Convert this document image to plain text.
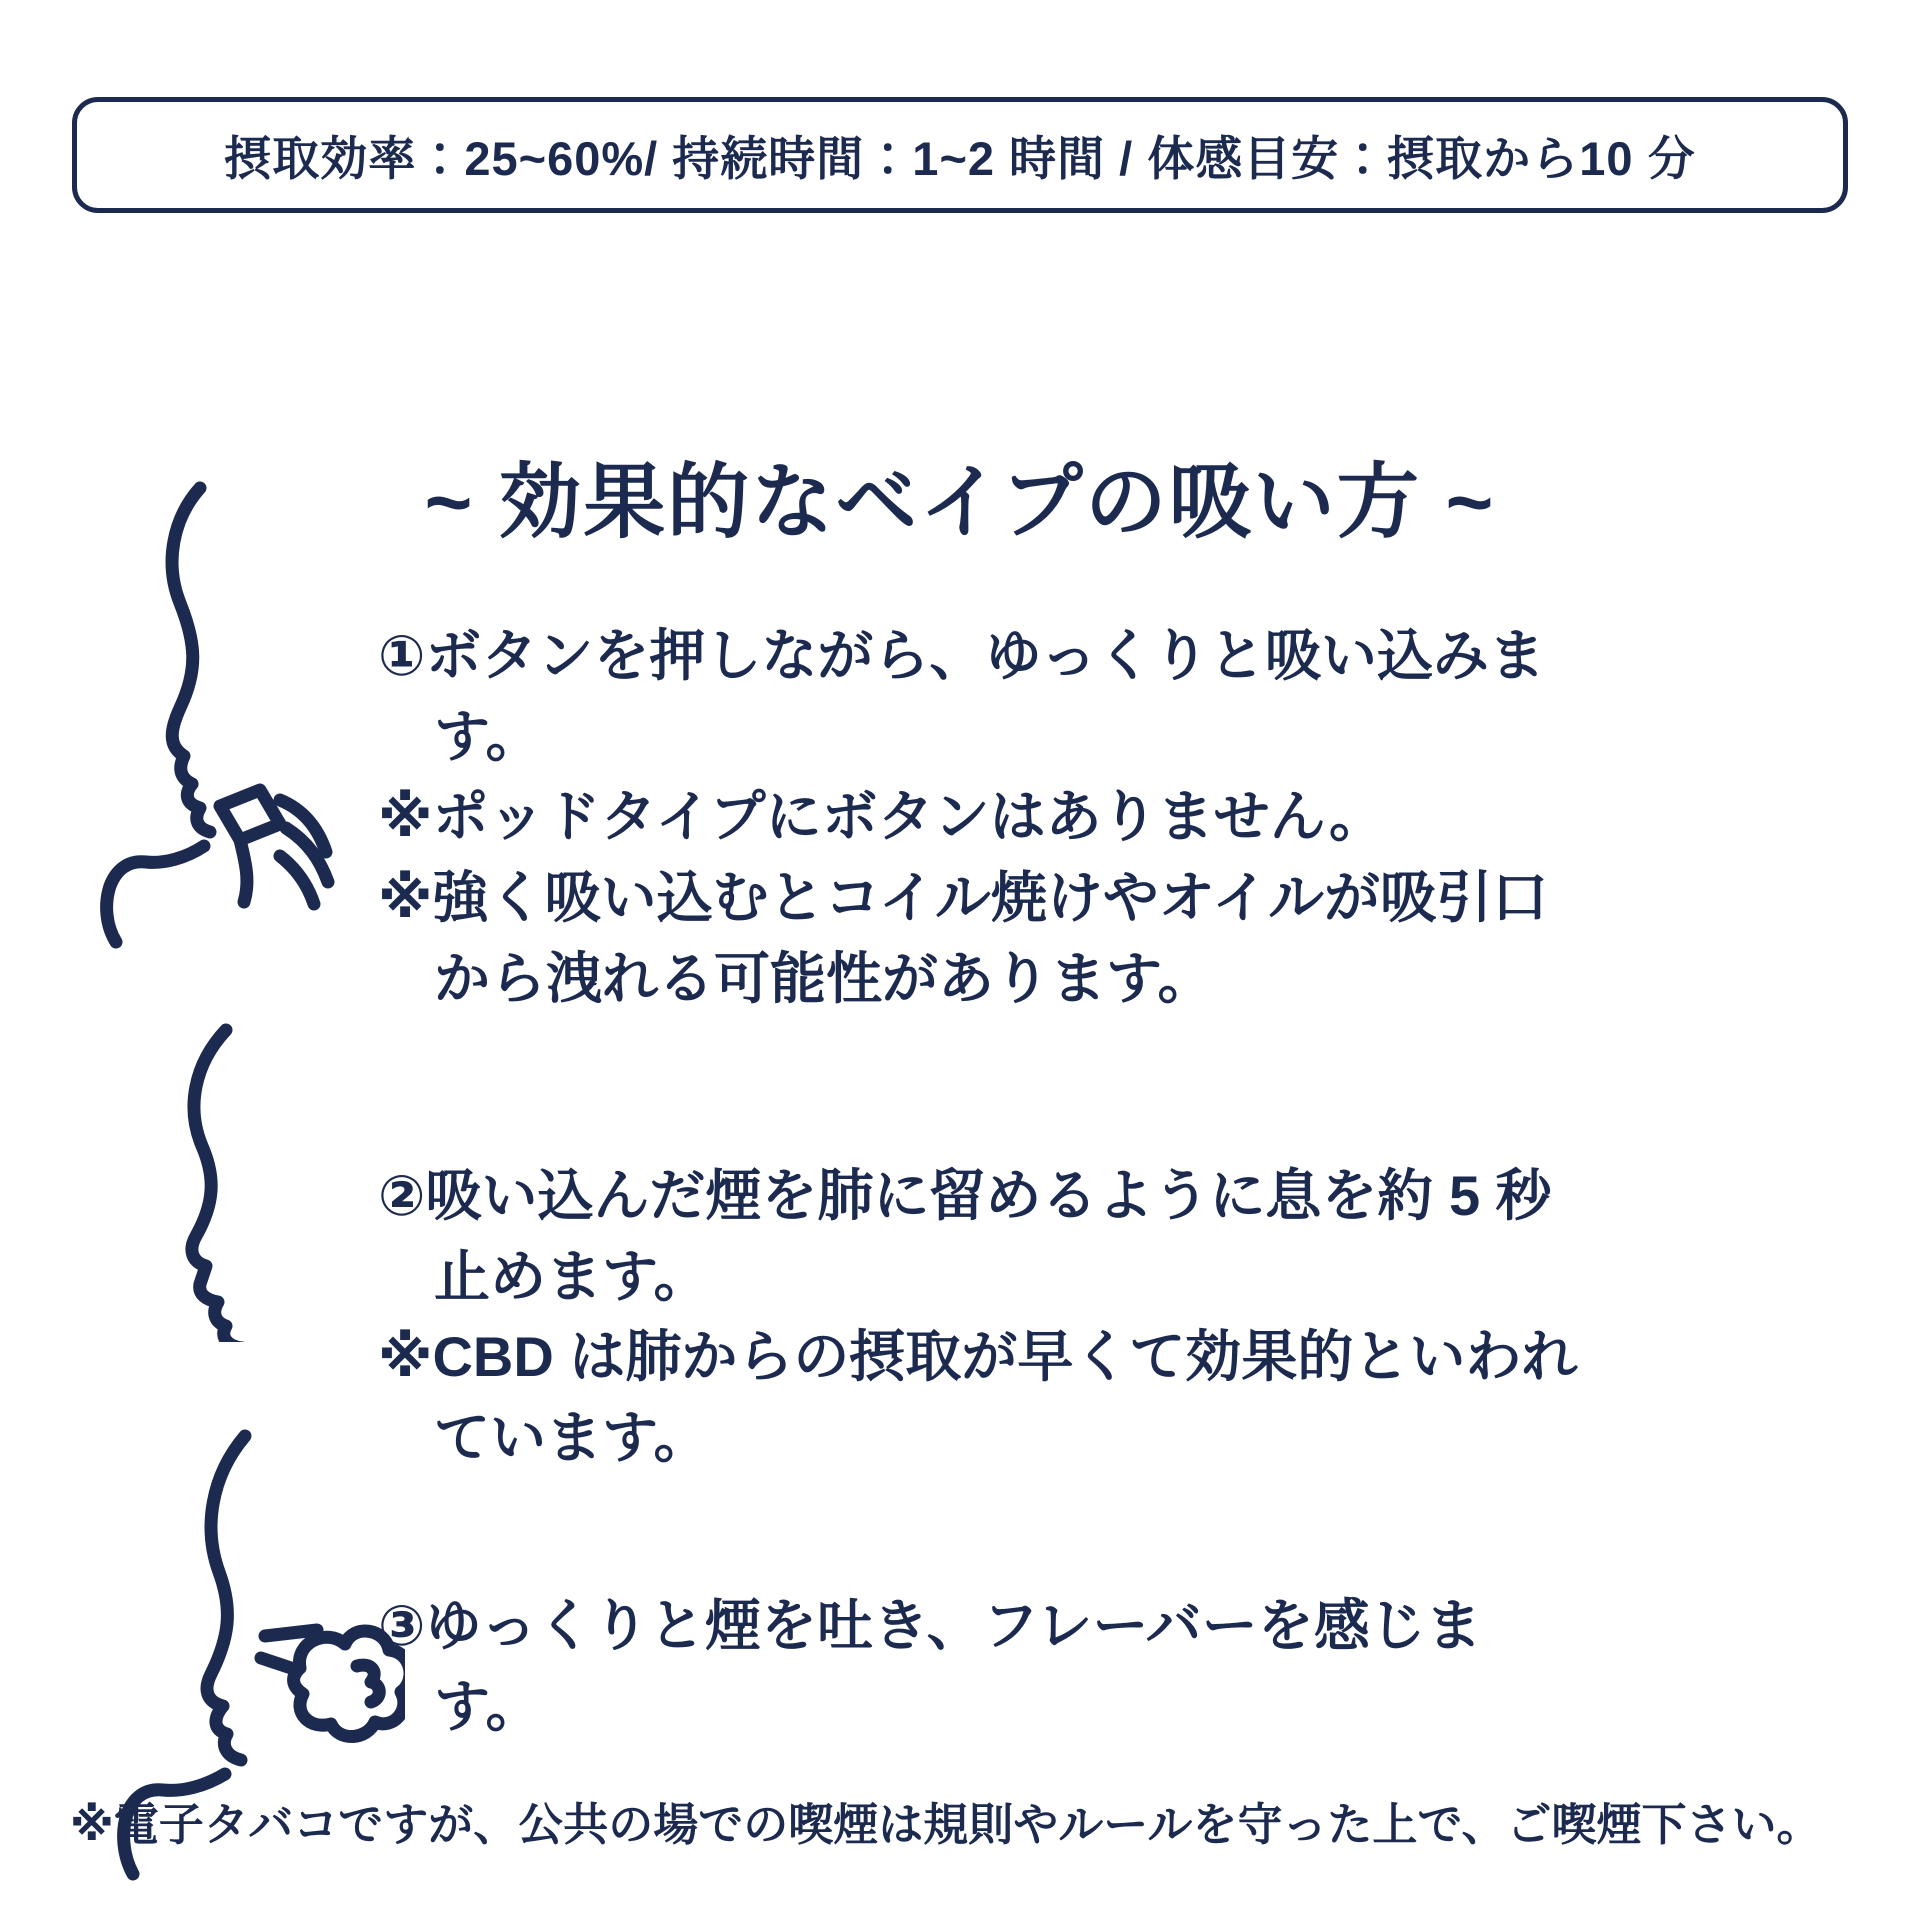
摂取効率：25~60%/ 持続時間：1~2 時間 / 体感目安：摂取から10 分
~ 効果的なベイプの吸い方 ~

①ボタンを押しながら、ゆっくりと吸い込みます。

※ポッドタイプにボタンはありません。

※強く吸い込むとコイル焼けやオイルが吸引口から洩れる可能性があります。

②吸い込んだ煙を肺に留めるように息を約 5 秒止めます。

※CBD は肺からの摂取が早くて効果的といわれています。

③ゆっくりと煙を吐き、フレーバーを感じます。

※電子タバコですが、公共の場での喫煙は規則やルールを守った上で、ご喫煙下さい。
